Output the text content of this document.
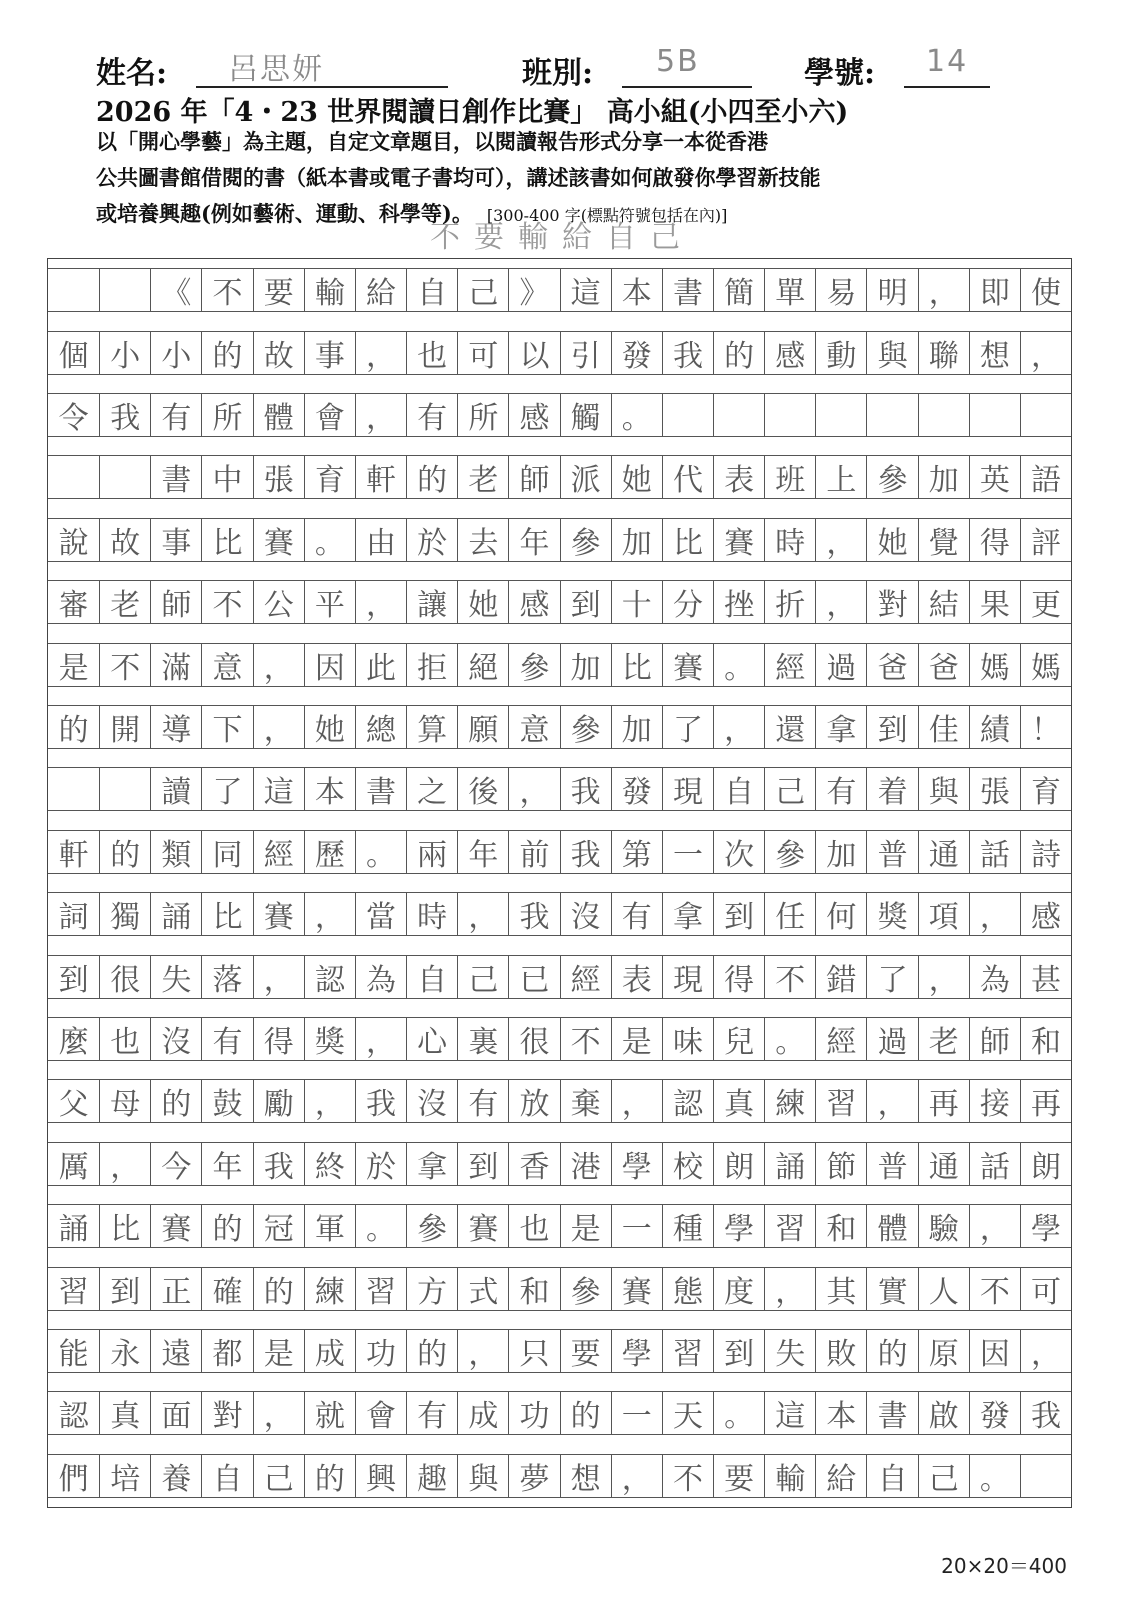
姓名: 呂思妍	班別: 5B	學號: 14
2026 年「4・23 世界閱讀日創作比賽」 高小組(小四至小六)
以「開心學藝」為主題，自定文章題目，以閱讀報告形式分享一本從香港
公共圖書館借閱的書（紙本書或電子書均可），講述該書如何啟發你學習新技能
或培養興趣(例如藝術、運動、科學等)。 [300-400 字(標點符號包括在內)]
不要輸給自己
《 不 要 輸 給 自 己 》 這 本 書 簡 單 易 明 ， 即 使
個 小 小 的 故 事 ， 也 可 以 引 發 我 的 感 動 與 聯 想 ，
令 我 有 所 體 會 ， 有 所 感 觸 。
書 中 張 育 軒 的 老 師 派 她 代 表 班 上 參 加 英 語
說 故 事 比 賽 。 由 於 去 年 參 加 比 賽 時 ， 她 覺 得 評
審 老 師 不 公 平 ， 讓 她 感 到 十 分 挫 折 ， 對 結 果 更
是 不 滿 意 ， 因 此 拒 絕 參 加 比 賽 。 經 過 爸 爸 媽 媽
的 開 導 下 ， 她 總 算 願 意 參 加 了 ， 還 拿 到 佳 績 ！
讀 了 這 本 書 之 後 ， 我 發 現 自 己 有 着 與 張 育
軒 的 類 同 經 歷 。 兩 年 前 我 第 一 次 參 加 普 通 話 詩
詞 獨 誦 比 賽 ， 當 時 ， 我 沒 有 拿 到 任 何 獎 項 ， 感
到 很 失 落 ， 認 為 自 己 已 經 表 現 得 不 錯 了 ， 為 甚
麼 也 沒 有 得 獎 ， 心 裏 很 不 是 味 兒 。 經 過 老 師 和
父 母 的 鼓 勵 ， 我 沒 有 放 棄 ， 認 真 練 習 ， 再 接 再
厲 ， 今 年 我 終 於 拿 到 香 港 學 校 朗 誦 節 普 通 話 朗
誦 比 賽 的 冠 軍 。 參 賽 也 是 一 種 學 習 和 體 驗 ， 學
習 到 正 確 的 練 習 方 式 和 參 賽 態 度 ， 其 實 人 不 可
能 永 遠 都 是 成 功 的 ， 只 要 學 習 到 失 敗 的 原 因 ，
認 真 面 對 ， 就 會 有 成 功 的 一 天 。 這 本 書 啟 發 我
們 培 養 自 己 的 興 趣 與 夢 想 ， 不 要 輸 給 自 己 。
20×20＝400
